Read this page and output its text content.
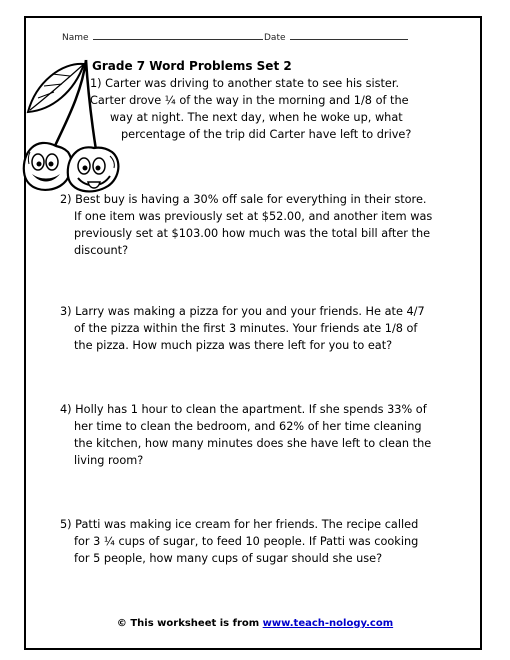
Name	Date
Grade 7 Word Problems Set 2
1) Carter was driving to another state to see his sister.
Carter drove ¼ of the way in the morning and 1/8 of the
way at night. The next day, when he woke up, what
percentage of the trip did Carter have left to drive?
2) Best buy is having a 30% off sale for everything in their store.
If one item was previously set at $52.00, and another item was
previously set at $103.00 how much was the total bill after the
discount?
3) Larry was making a pizza for you and your friends. He ate 4/7
of the pizza within the first 3 minutes. Your friends ate 1/8 of
the pizza. How much pizza was there left for you to eat?
4) Holly has 1 hour to clean the apartment. If she spends 33% of
her time to clean the bedroom, and 62% of her time cleaning
the kitchen, how many minutes does she have left to clean the
living room?
5) Patti was making ice cream for her friends. The recipe called
for 3 ¼ cups of sugar, to feed 10 people. If Patti was cooking
for 5 people, how many cups of sugar should she use?
© This worksheet is from www.teach-nology.com
